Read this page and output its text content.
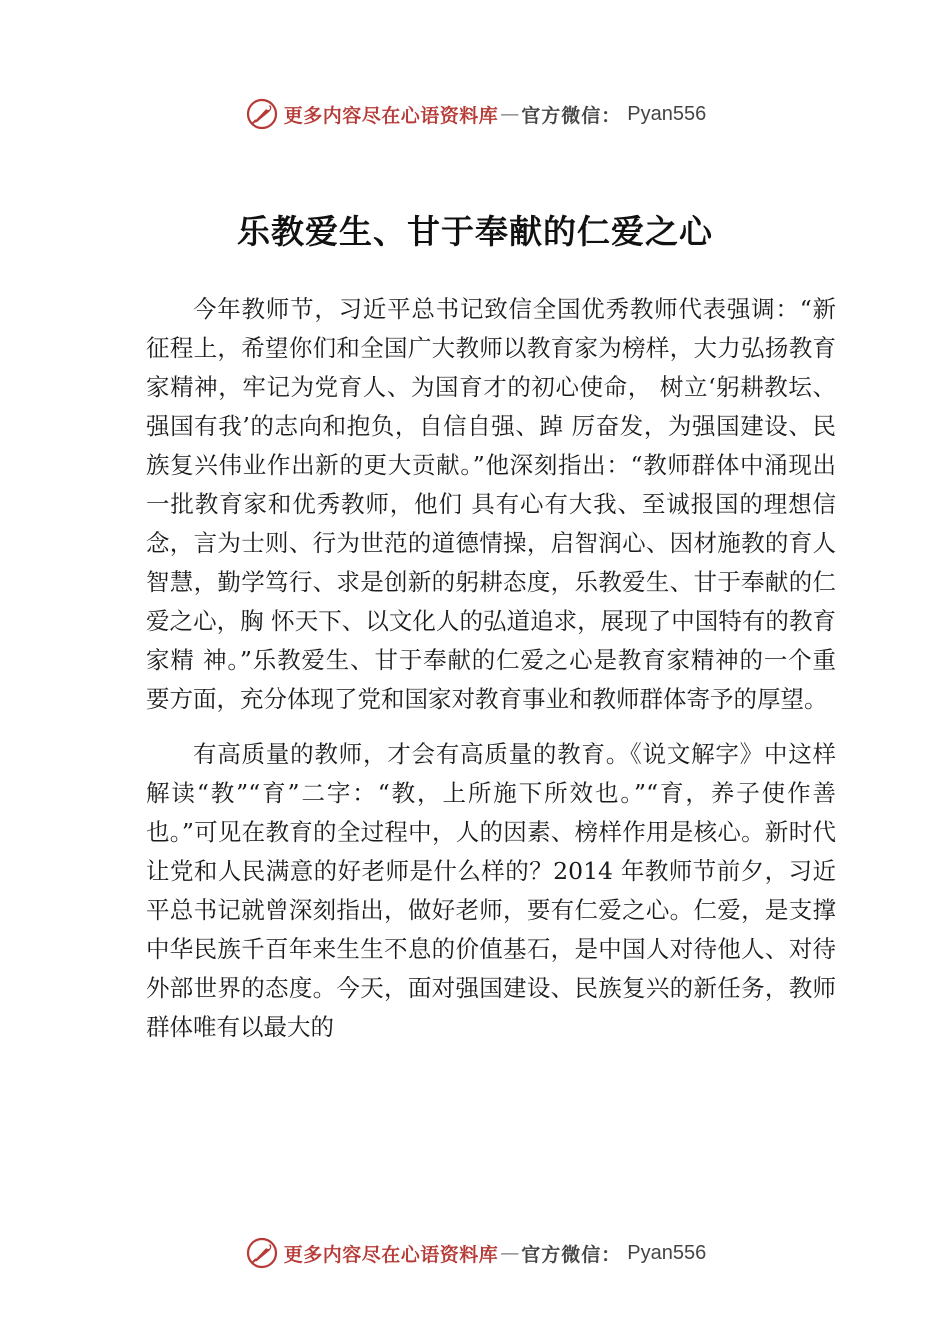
更多内容尽在心语资料库 — 官方微信： Pyan556
乐教爱生、甘于奉献的仁爱之心

今年教师节，习近平总书记致信全国优秀教师代表强调：“新征程上，希望你们和全国广大教师以教育家为榜样，大力弘扬教育家精神，牢记为党育人、为国育才的初心使命， 树立‘躬耕教坛、强国有我’的志向和抱负，自信自强、踔 厉奋发，为强国建设、民族复兴伟业作出新的更大贡献。”他深刻指出：“教师群体中涌现出一批教育家和优秀教师，他们 具有心有大我、至诚报国的理想信念，言为士则、行为世范的道德情操，启智润心、因材施教的育人智慧，勤学笃行、求是创新的躬耕态度，乐教爱生、甘于奉献的仁爱之心，胸 怀天下、以文化人的弘道追求，展现了中国特有的教育家精 神。”乐教爱生、甘于奉献的仁爱之心是教育家精神的一个重 要方面，充分体现了党和国家对教育事业和教师群体寄予的厚望。

有高质量的教师，才会有高质量的教育。《说文解字》中这样解读“教”“育”二字：“教，上所施下所效也。”“育，养子使作善也。”可见在教育的全过程中，人的因素、榜样作用是核心。新时代让党和人民满意的好老师是什么样的？2014 年教师节前夕，习近平总书记就曾深刻指出，做好老师，要有仁爱之心。仁爱，是支撑中华民族千百年来生生不息的价值基石，是中国人对待他人、对待外部世界的态度。今天，面对强国建设、民族复兴的新任务，教师群体唯有以最大的

更多内容尽在心语资料库 — 官方微信： Pyan556
